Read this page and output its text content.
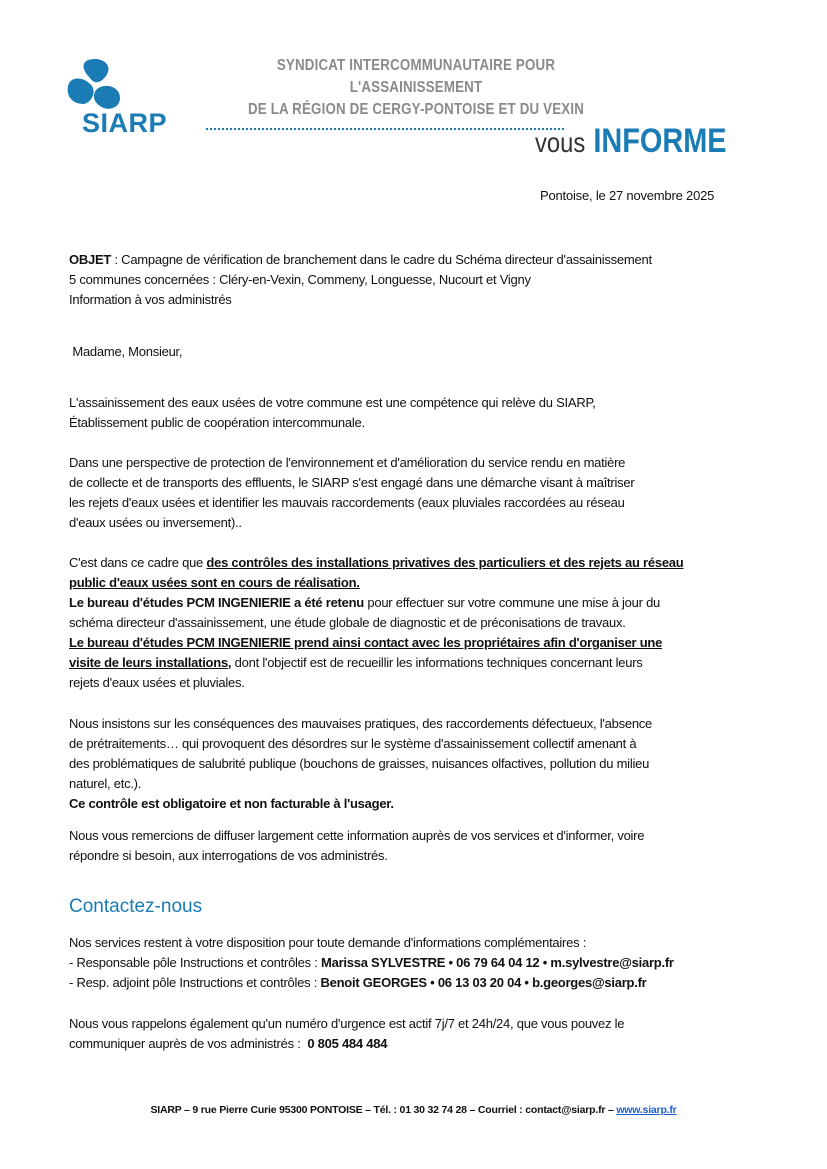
SIARP
SYNDICAT INTERCOMMUNAUTAIRE POUR L'ASSAINISSEMENT
DE LA RÉGION DE CERGY-PONTOISE ET DU VEXIN
vous INFORME
Pontoise, le 27 novembre 2025
OBJET : Campagne de vérification de branchement dans le cadre du Schéma directeur d'assainissement
5 communes concernées : Cléry-en-Vexin, Commeny, Longuesse, Nucourt et Vigny
Information à vos administrés
Madame, Monsieur,
L'assainissement des eaux usées de votre commune est une compétence qui relève du SIARP,
Établissement public de coopération intercommunale.
Dans une perspective de protection de l'environnement et d'amélioration du service rendu en matière
de collecte et de transports des effluents, le SIARP s'est engagé dans une démarche visant à maîtriser
les rejets d'eaux usées et identifier les mauvais raccordements (eaux pluviales raccordées au réseau
d'eaux usées ou inversement)..
C'est dans ce cadre que des contrôles des installations privatives des particuliers et des rejets au réseau
public d'eaux usées sont en cours de réalisation.
Le bureau d'études PCM INGENIERIE a été retenu pour effectuer sur votre commune une mise à jour du
schéma directeur d'assainissement, une étude globale de diagnostic et de préconisations de travaux.
Le bureau d'études PCM INGENIERIE prend ainsi contact avec les propriétaires afin d'organiser une
visite de leurs installations, dont l'objectif est de recueillir les informations techniques concernant leurs
rejets d'eaux usées et pluviales.
Nous insistons sur les conséquences des mauvaises pratiques, des raccordements défectueux, l'absence
de prétraitements… qui provoquent des désordres sur le système d'assainissement collectif amenant à
des problématiques de salubrité publique (bouchons de graisses, nuisances olfactives, pollution du milieu
naturel, etc.).
Ce contrôle est obligatoire et non facturable à l'usager.
Nous vous remercions de diffuser largement cette information auprès de vos services et d'informer, voire
répondre si besoin, aux interrogations de vos administrés.
Nos services restent à votre disposition pour toute demande d'informations complémentaires :
- Responsable pôle Instructions et contrôles : Marissa SYLVESTRE • 06 79 64 04 12 • m.sylvestre@siarp.fr
- Resp. adjoint pôle Instructions et contrôles : Benoit GEORGES • 06 13 03 20 04 • b.georges@siarp.fr
Nous vous rappelons également qu'un numéro d'urgence est actif 7j/7 et 24h/24, que vous pouvez le
communiquer auprès de vos administrés :  0 805 484 484
Contactez-nous
SIARP – 9 rue Pierre Curie 95300 PONTOISE – Tél. : 01 30 32 74 28 – Courriel : contact@siarp.fr – www.siarp.fr
